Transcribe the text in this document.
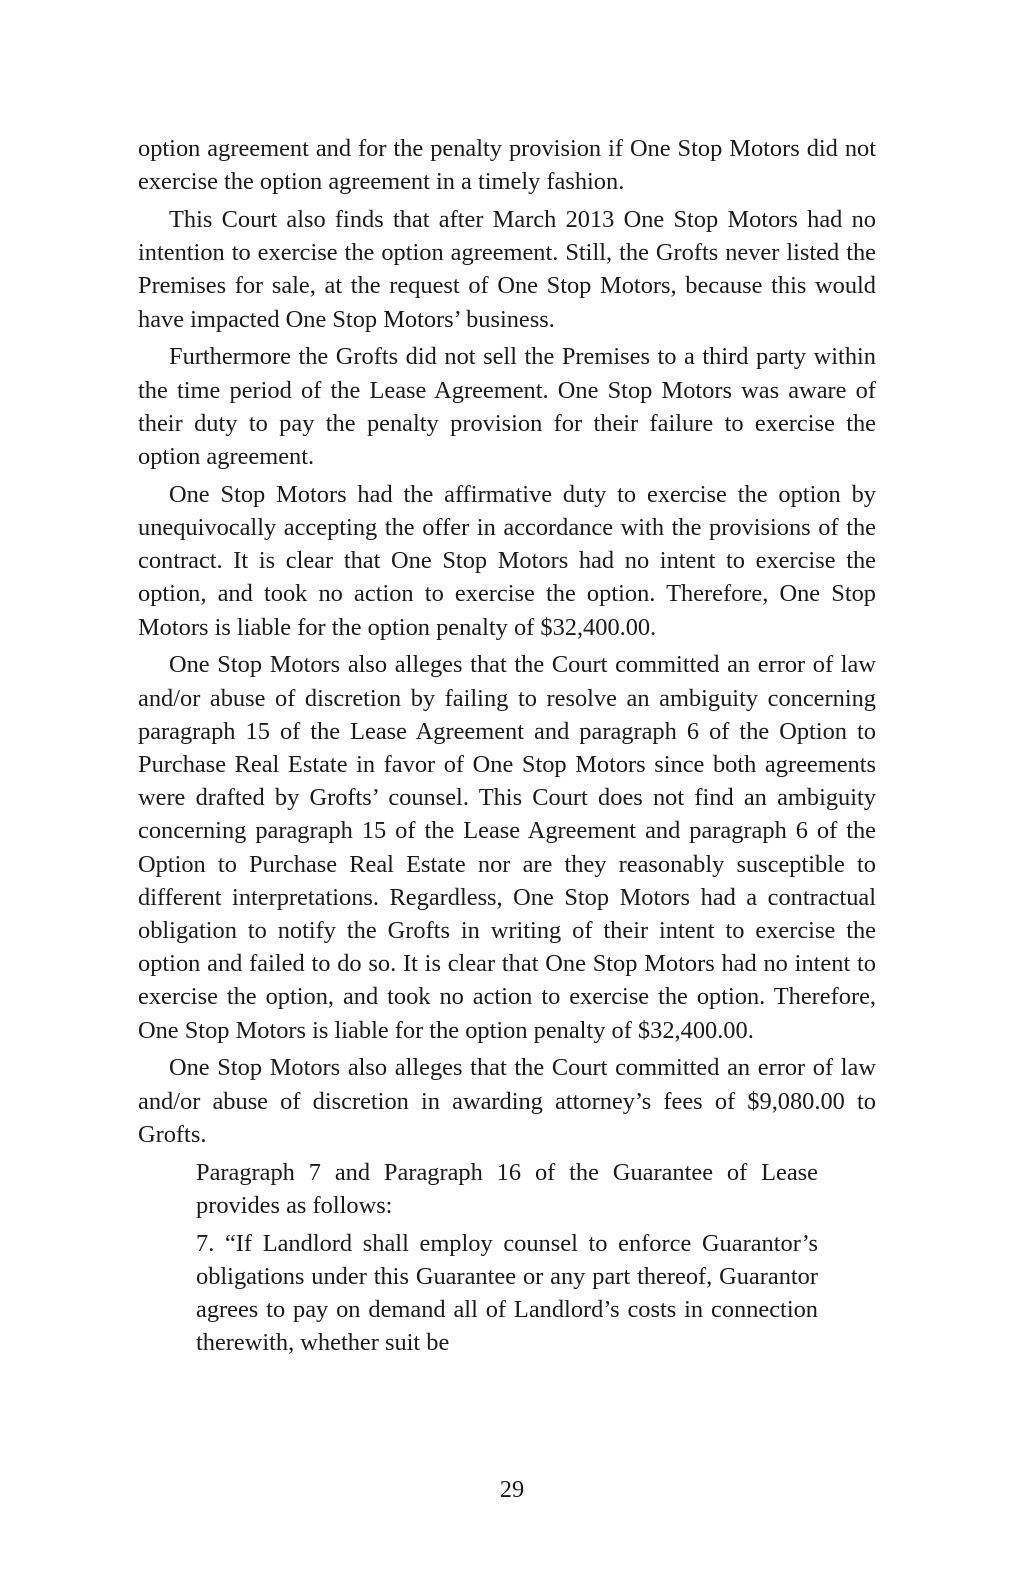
option agreement and for the penalty provision if One Stop Motors did not exercise the option agreement in a timely fashion.

This Court also finds that after March 2013 One Stop Motors had no intention to exercise the option agreement. Still, the Grofts never listed the Premises for sale, at the request of One Stop Motors, because this would have impacted One Stop Motors’ business.

Furthermore the Grofts did not sell the Premises to a third party within the time period of the Lease Agreement. One Stop Motors was aware of their duty to pay the penalty provision for their failure to exercise the option agreement.

One Stop Motors had the affirmative duty to exercise the option by unequivocally accepting the offer in accordance with the provisions of the contract. It is clear that One Stop Motors had no intent to exercise the option, and took no action to exercise the option. Therefore, One Stop Motors is liable for the option penalty of $32,400.00.

One Stop Motors also alleges that the Court committed an error of law and/or abuse of discretion by failing to resolve an ambiguity concerning paragraph 15 of the Lease Agreement and paragraph 6 of the Option to Purchase Real Estate in favor of One Stop Motors since both agreements were drafted by Grofts’ counsel. This Court does not find an ambiguity concerning paragraph 15 of the Lease Agreement and paragraph 6 of the Option to Purchase Real Estate nor are they reasonably susceptible to different interpretations. Regardless, One Stop Motors had a contractual obligation to notify the Grofts in writing of their intent to exercise the option and failed to do so. It is clear that One Stop Motors had no intent to exercise the option, and took no action to exercise the option. Therefore, One Stop Motors is liable for the option penalty of $32,400.00.

One Stop Motors also alleges that the Court committed an error of law and/or abuse of discretion in awarding attorney’s fees of $9,080.00 to Grofts.

Paragraph 7 and Paragraph 16 of the Guarantee of Lease provides as follows:

7. “If Landlord shall employ counsel to enforce Guarantor’s obligations under this Guarantee or any part thereof, Guarantor agrees to pay on demand all of Landlord’s costs in connection therewith, whether suit be

29
